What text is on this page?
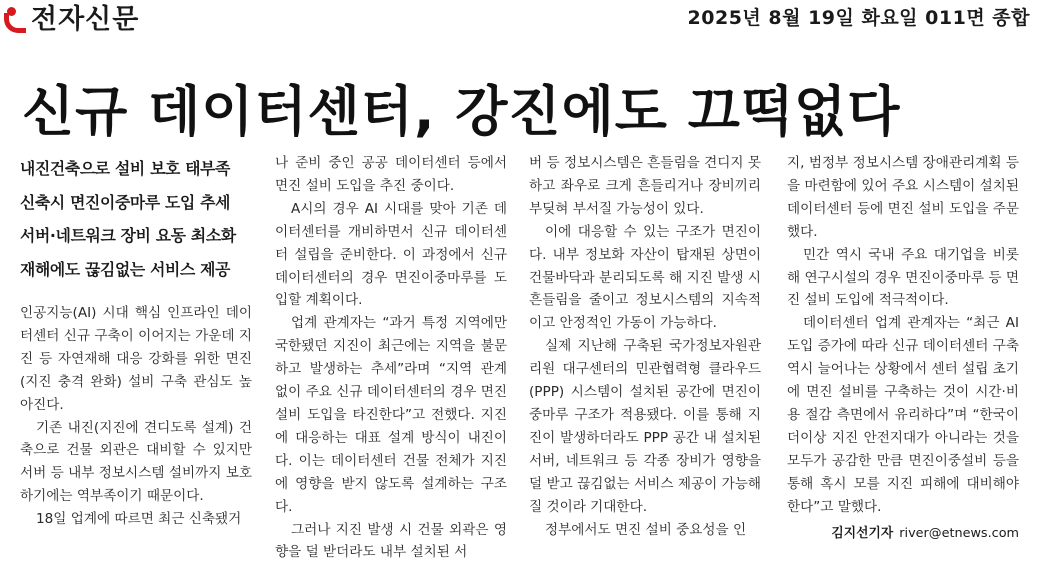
전자신문	2025년 8월 19일 화요일 011면 종합
신규 데이터센터, 강진에도 끄떡없다
내진건축으로 설비 보호 태부족
신축시 면진이중마루 도입 추세
서버·네트워크 장비 요동 최소화
재해에도 끊김없는 서비스 제공

인공지능(AI) 시대 핵심 인프라인 데이터센터 신규 구축이 이어지는 가운데 지진 등 자연재해 대응 강화를 위한 면진(지진 충격 완화) 설비 구축 관심도 높아진다.

기존 내진(지진에 견디도록 설계) 건축으로 건물 외관은 대비할 수 있지만 서버 등 내부 정보시스템 설비까지 보호하기에는 역부족이기 때문이다.

18일 업계에 따르면 최근 신축됐거

나 준비 중인 공공 데이터센터 등에서 면진 설비 도입을 추진 중이다.

A시의 경우 AI 시대를 맞아 기존 데이터센터를 개비하면서 신규 데이터센터 설립을 준비한다. 이 과정에서 신규 데이터센터의 경우 면진이중마루를 도입할 계획이다.

업계 관계자는 “과거 특정 지역에만 국한됐던 지진이 최근에는 지역을 불문하고 발생하는 추세”라며 “지역 관계 없이 주요 신규 데이터센터의 경우 면진 설비 도입을 타진한다”고 전했다. 지진에 대응하는 대표 설계 방식이 내진이다. 이는 데이터센터 건물 전체가 지진에 영향을 받지 않도록 설계하는 구조다.

그러나 지진 발생 시 건물 외곽은 영향을 덜 받더라도 내부 설치된 서

버 등 정보시스템은 흔들림을 견디지 못하고 좌우로 크게 흔들리거나 장비끼리 부딪혀 부서질 가능성이 있다.

이에 대응할 수 있는 구조가 면진이다. 내부 정보화 자산이 탑재된 상면이 건물바닥과 분리되도록 해 지진 발생 시 흔들림을 줄이고 정보시스템의 지속적이고 안정적인 가동이 가능하다.

실제 지난해 구축된 국가정보자원관리원 대구센터의 민관협력형 클라우드(PPP) 시스템이 설치된 공간에 면진이중마루 구조가 적용됐다. 이를 통해 지진이 발생하더라도 PPP 공간 내 설치된 서버, 네트워크 등 각종 장비가 영향을 덜 받고 끊김없는 서비스 제공이 가능해질 것이라 기대한다.

정부에서도 면진 설비 중요성을 인

지, 범정부 정보시스템 장애관리계획 등을 마련함에 있어 주요 시스템이 설치된 데이터센터 등에 면진 설비 도입을 주문했다.

민간 역시 국내 주요 대기업을 비롯해 연구시설의 경우 면진이중마루 등 면진 설비 도입에 적극적이다.

데이터센터 업계 관계자는 “최근 AI 도입 증가에 따라 신규 데이터센터 구축 역시 늘어나는 상황에서 센터 설립 초기에 면진 설비를 구축하는 것이 시간·비용 절감 측면에서 유리하다”며 “한국이 더이상 지진 안전지대가 아니라는 것을 모두가 공감한 만큼 면진이중설비 등을 통해 혹시 모를 지진 피해에 대비해야 한다”고 말했다.

김지선기자 river@etnews.com
